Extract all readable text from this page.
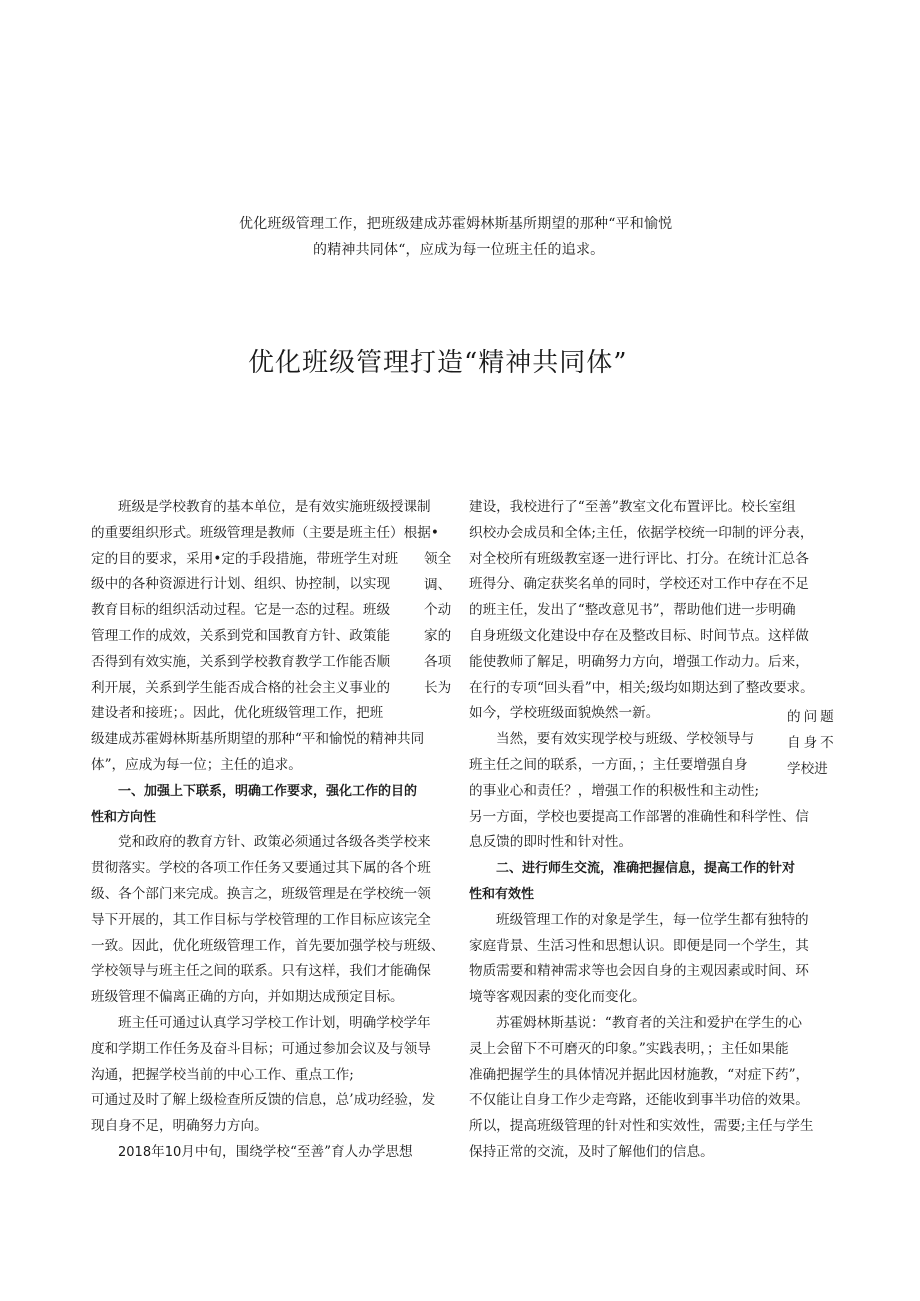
优化班级管理工作，把班级建成苏霍姆林斯基所期望的那种“平和愉悦
的精神共同体“，应成为每一位班主任的追求。
优化班级管理打造“精神共同体”
班级是学校教育的基本单位，是有效实施班级授课制
的重要组织形式。班级管理是教师（主要是班主任）根据•
定的目的要求，采用•定的手段措施，带班学生对班
级中的各种资源进行计划、组织、协控制，以实现
教育目标的组织活动过程。它是一态的过程。班级
管理工作的成效，关系到党和国教育方针、政策能
否得到有效实施，关系到学校教育教学工作能否顺
利开展，关系到学生能否成合格的社会主义事业的
建设者和接班；。因此，优化班级管理工作，把班
级建成苏霍姆林斯基所期望的那种“平和愉悦的精神共同
体”，应成为每一位；主任的追求。
一、加强上下联系，明确工作要求，强化工作的目的
性和方向性
党和政府的教育方针、政策必须通过各级各类学校来
贯彻落实。学校的各项工作任务又要通过其下属的各个班
级、各个部门来完成。换言之，班级管理是在学校统一领
导下开展的，其工作目标与学校管理的工作目标应该完全
一致。因此，优化班级管理工作，首先要加强学校与班级、
学校领导与班主任之间的联系。只有这样，我们才能确保
班级管理不偏离正确的方向，并如期达成预定目标。
班主任可通过认真学习学校工作计划，明确学校学年
度和学期工作任务及奋斗目标；可通过参加会议及与领导
沟通，把握学校当前的中心工作、重点工作;
可通过及时了解上级检查所反馈的信息，总’成功经验，发
现自身不足，明确努力方向。
2018年10月中旬，围绕学校“至善”育人办学思想
领全
调、
个动
家的
各项
长为
建设，我校进行了“至善”教室文化布置评比。校长室组
织校办会成员和全体;主任，依据学校统一印制的评分表，
对全校所有班级教室逐一进行评比、打分。在统计汇总各
班得分、确定获奖名单的同时，学校还对工作中存在不足
的班主任，发出了“整改意见书”，帮助他们进一步明确
自身班级文化建设中存在及整改目标、时间节点。这样做
能使教师了解足，明确努力方向，增强工作动力。后来，
在行的专项“回头看”中，相关;级均如期达到了整改要求。
如今，学校班级面貌焕然一新。
当然，要有效实现学校与班级、学校领导与
班主任之间的联系，一方面，；主任要增强自身
的事业心和责任？，增强工作的积极性和主动性;
另一方面，学校也要提高工作部署的准确性和科学性、信
息反馈的即时性和针对性。
二、进行师生交流，准确把握信息，提高工作的针对
性和有效性
班级管理工作的对象是学生，每一位学生都有独特的
家庭背景、生活习性和思想认识。即便是同一个学生，其
物质需要和精神需求等也会因自身的主观因素或时间、环
境等客观因素的变化而变化。
苏霍姆林斯基说：“教育者的关注和爱护在学生的心
灵上会留下不可磨灭的印象。”实践表明，；主任如果能
准确把握学生的具体情况并据此因材施教，“对症下药”，
不仅能让自身工作少走弯路，还能收到事半功倍的效果。
所以，提高班级管理的针对性和实效性，需要;主任与学生
保持正常的交流，及时了解他们的信息。
的问题
自身不
学校进
